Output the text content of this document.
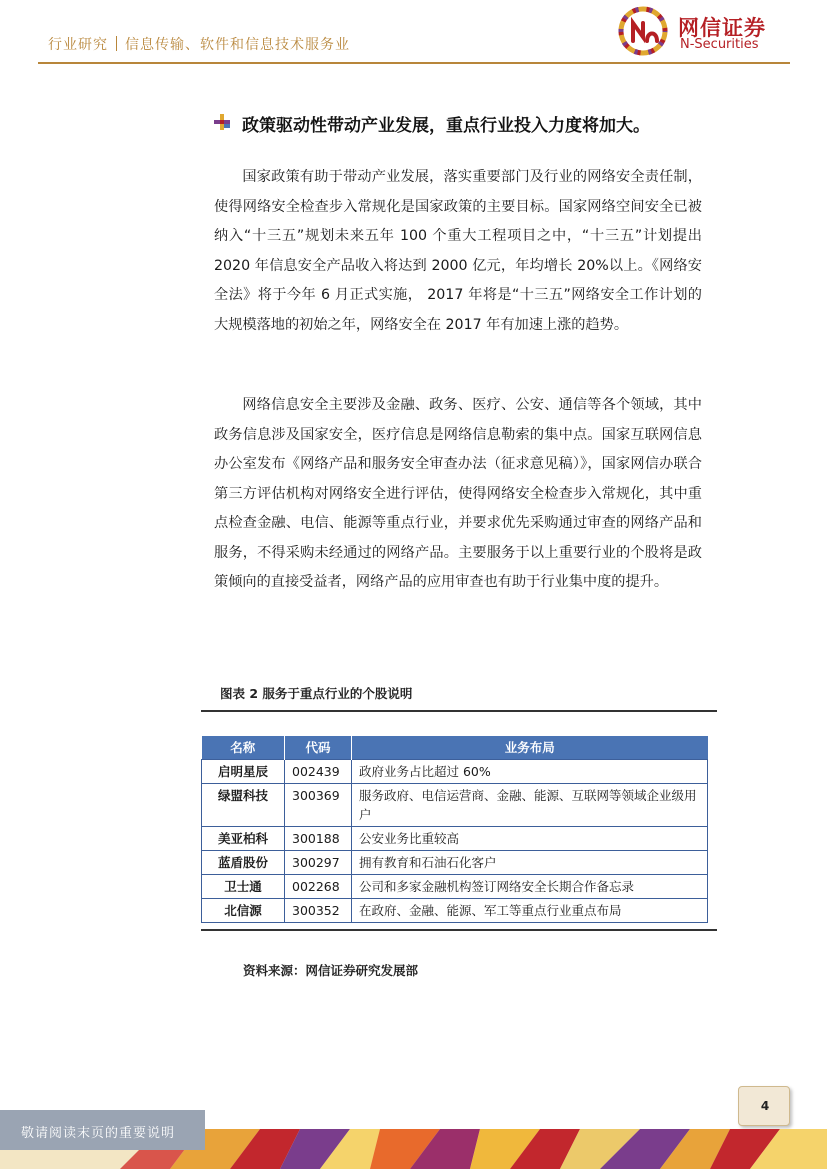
行业研究 信息传输、软件和信息技术服务业
网信证券
N-Securities
政策驱动性带动产业发展，重点行业投入力度将加大。

国家政策有助于带动产业发展，落实重要部门及行业的网络安全责任制，使得网络安全检查步入常规化是国家政策的主要目标。国家网络空间安全已被纳入“十三五”规划未来五年 100 个重大工程项目之中，“十三五”计划提出 2020 年信息安全产品收入将达到 2000 亿元，年均增长 20%以上。《网络安全法》将于今年 6 月正式实施， 2017 年将是“十三五”网络安全工作计划的大规模落地的初始之年，网络安全在 2017 年有加速上涨的趋势。

网络信息安全主要涉及金融、政务、医疗、公安、通信等各个领域，其中政务信息涉及国家安全，医疗信息是网络信息勒索的集中点。国家互联网信息办公室发布《网络产品和服务安全审查办法（征求意见稿）》，国家网信办联合第三方评估机构对网络安全进行评估，使得网络安全检查步入常规化，其中重点检查金融、电信、能源等重点行业，并要求优先采购通过审查的网络产品和服务，不得采购未经通过的网络产品。主要服务于以上重要行业的个股将是政策倾向的直接受益者，网络产品的应用审查也有助于行业集中度的提升。

图表 2 服务于重点行业的个股说明
名称	代码	业务布局
启明星辰	002439	政府业务占比超过 60%
绿盟科技	300369	服务政府、电信运营商、金融、能源、互联网等领域企业级用户
美亚柏科	300188	公安业务比重较高
蓝盾股份	300297	拥有教育和石油石化客户
卫士通	002268	公司和多家金融机构签订网络安全长期合作备忘录
北信源	300352	在政府、金融、能源、军工等重点行业重点布局
资料来源：网信证券研究发展部
4
敬请阅读末页的重要说明
